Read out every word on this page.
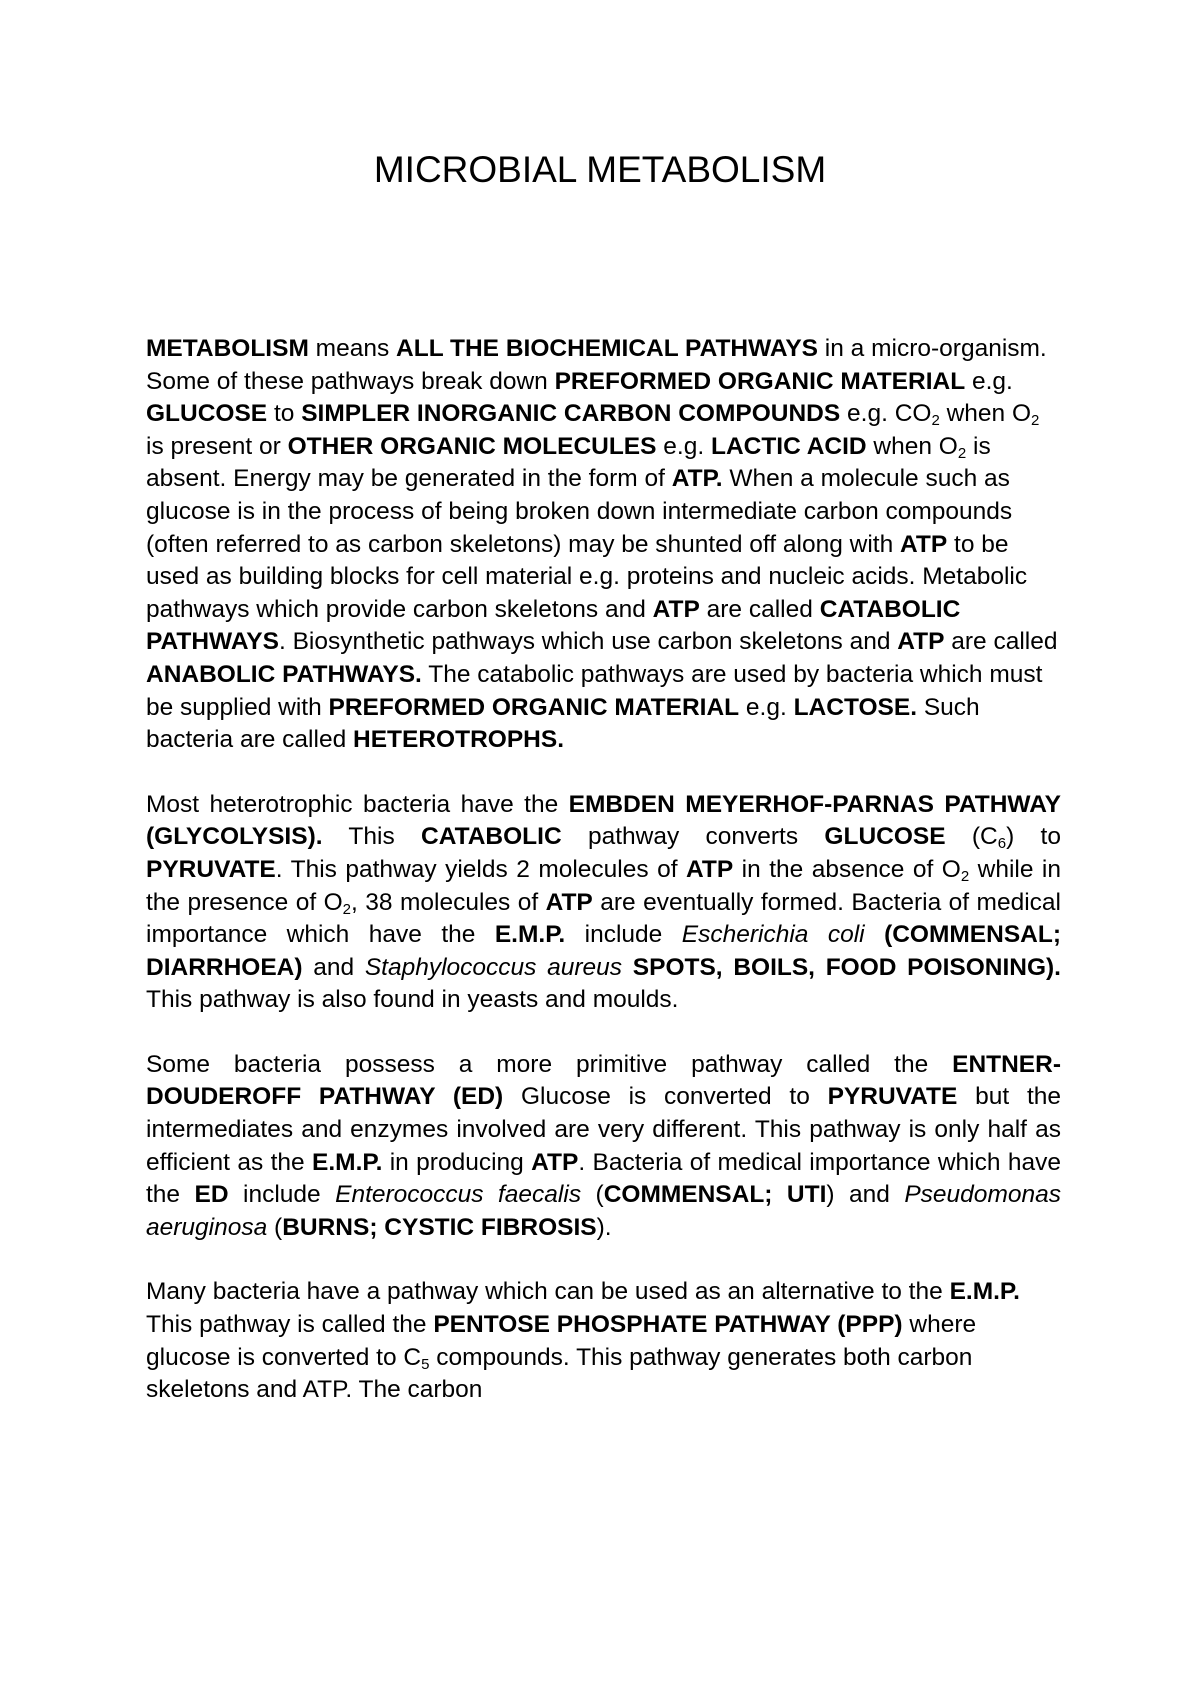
MICROBIAL METABOLISM

METABOLISM means ALL THE BIOCHEMICAL PATHWAYS in a micro-organism. Some of these pathways break down PREFORMED ORGANIC MATERIAL e.g. GLUCOSE to SIMPLER INORGANIC CARBON COMPOUNDS e.g. $CO_2$ when $O_2$ is present or OTHER ORGANIC MOLECULES e.g. LACTIC ACID when $O_2$ is absent. Energy may be generated in the form of ATP. When a molecule such as glucose is in the process of being broken down intermediate carbon compounds (often referred to as carbon skeletons) may be shunted off along with ATP to be used as building blocks for cell material e.g. proteins and nucleic acids. Metabolic pathways which provide carbon skeletons and ATP are called CATABOLIC PATHWAYS. Biosynthetic pathways which use carbon skeletons and ATP are called ANABOLIC PATHWAYS. The catabolic pathways are used by bacteria which must be supplied with PREFORMED ORGANIC MATERIAL e.g. LACTOSE. Such bacteria are called HETEROTROPHS.

Most heterotrophic bacteria have the EMBDEN MEYERHOF-PARNAS PATHWAY (GLYCOLYSIS). This CATABOLIC pathway converts GLUCOSE $(C_6)$ to PYRUVATE. This pathway yields 2 molecules of ATP in the absence of $O_2$ while in the presence of $O_2$, 38 molecules of ATP are eventually formed. Bacteria of medical importance which have the E.M.P. include Escherichia coli (COMMENSAL; DIARRHOEA) and Staphylococcus aureus SPOTS, BOILS, FOOD POISONING). This pathway is also found in yeasts and moulds.

Some bacteria possess a more primitive pathway called the ENTNER-DOUDEROFF PATHWAY (ED) Glucose is converted to PYRUVATE but the intermediates and enzymes involved are very different. This pathway is only half as efficient as the E.M.P. in producing ATP. Bacteria of medical importance which have the ED include Enterococcus faecalis (COMMENSAL; UTI) and Pseudomonas aeruginosa (BURNS; CYSTIC FIBROSIS).

Many bacteria have a pathway which can be used as an alternative to the E.M.P. This pathway is called the PENTOSE PHOSPHATE PATHWAY (PPP) where glucose is converted to $C_5$ compounds. This pathway generates both carbon skeletons and ATP. The carbon
